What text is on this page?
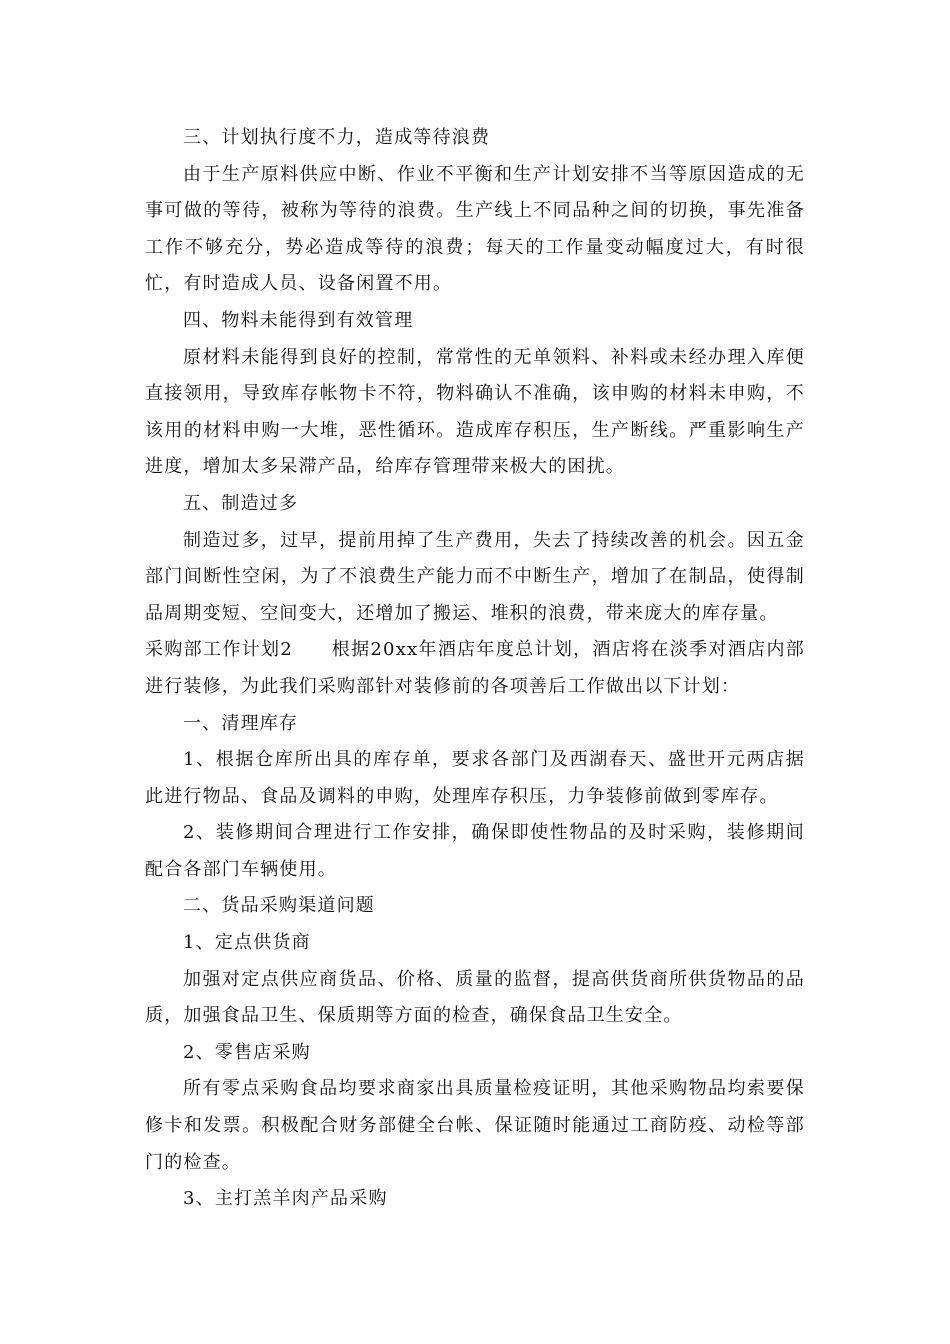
三、计划执行度不力，造成等待浪费

由于生产原料供应中断、作业不平衡和生产计划安排不当等原因造成的无事可做的等待，被称为等待的浪费。生产线上不同品种之间的切换，事先准备工作不够充分，势必造成等待的浪费；每天的工作量变动幅度过大，有时很忙，有时造成人员、设备闲置不用。

四、物料未能得到有效管理

原材料未能得到良好的控制，常常性的无单领料、补料或未经办理入库便直接领用，导致库存帐物卡不符，物料确认不准确，该申购的材料未申购，不该用的材料申购一大堆，恶性循环。造成库存积压，生产断线。严重影响生产进度，增加太多呆滞产品，给库存管理带来极大的困扰。

五、制造过多

制造过多，过早，提前用掉了生产费用，失去了持续改善的机会。因五金部门间断性空闲，为了不浪费生产能力而不中断生产，增加了在制品，使得制品周期变短、空间变大，还增加了搬运、堆积的浪费，带来庞大的库存量。

采购部工作计划2　　根据20xx年酒店年度总计划，酒店将在淡季对酒店内部进行装修，为此我们采购部针对装修前的各项善后工作做出以下计划：

一、清理库存

1、根据仓库所出具的库存单，要求各部门及西湖春天、盛世开元两店据此进行物品、食品及调料的申购，处理库存积压，力争装修前做到零库存。

2、装修期间合理进行工作安排，确保即使性物品的及时采购，装修期间配合各部门车辆使用。

二、货品采购渠道问题

1、定点供货商

加强对定点供应商货品、价格、质量的监督，提高供货商所供货物品的品质，加强食品卫生、保质期等方面的检查，确保食品卫生安全。

2、零售店采购

所有零点采购食品均要求商家出具质量检疫证明，其他采购物品均索要保修卡和发票。积极配合财务部健全台帐、保证随时能通过工商防疫、动检等部门的检查。

3、主打羔羊肉产品采购
